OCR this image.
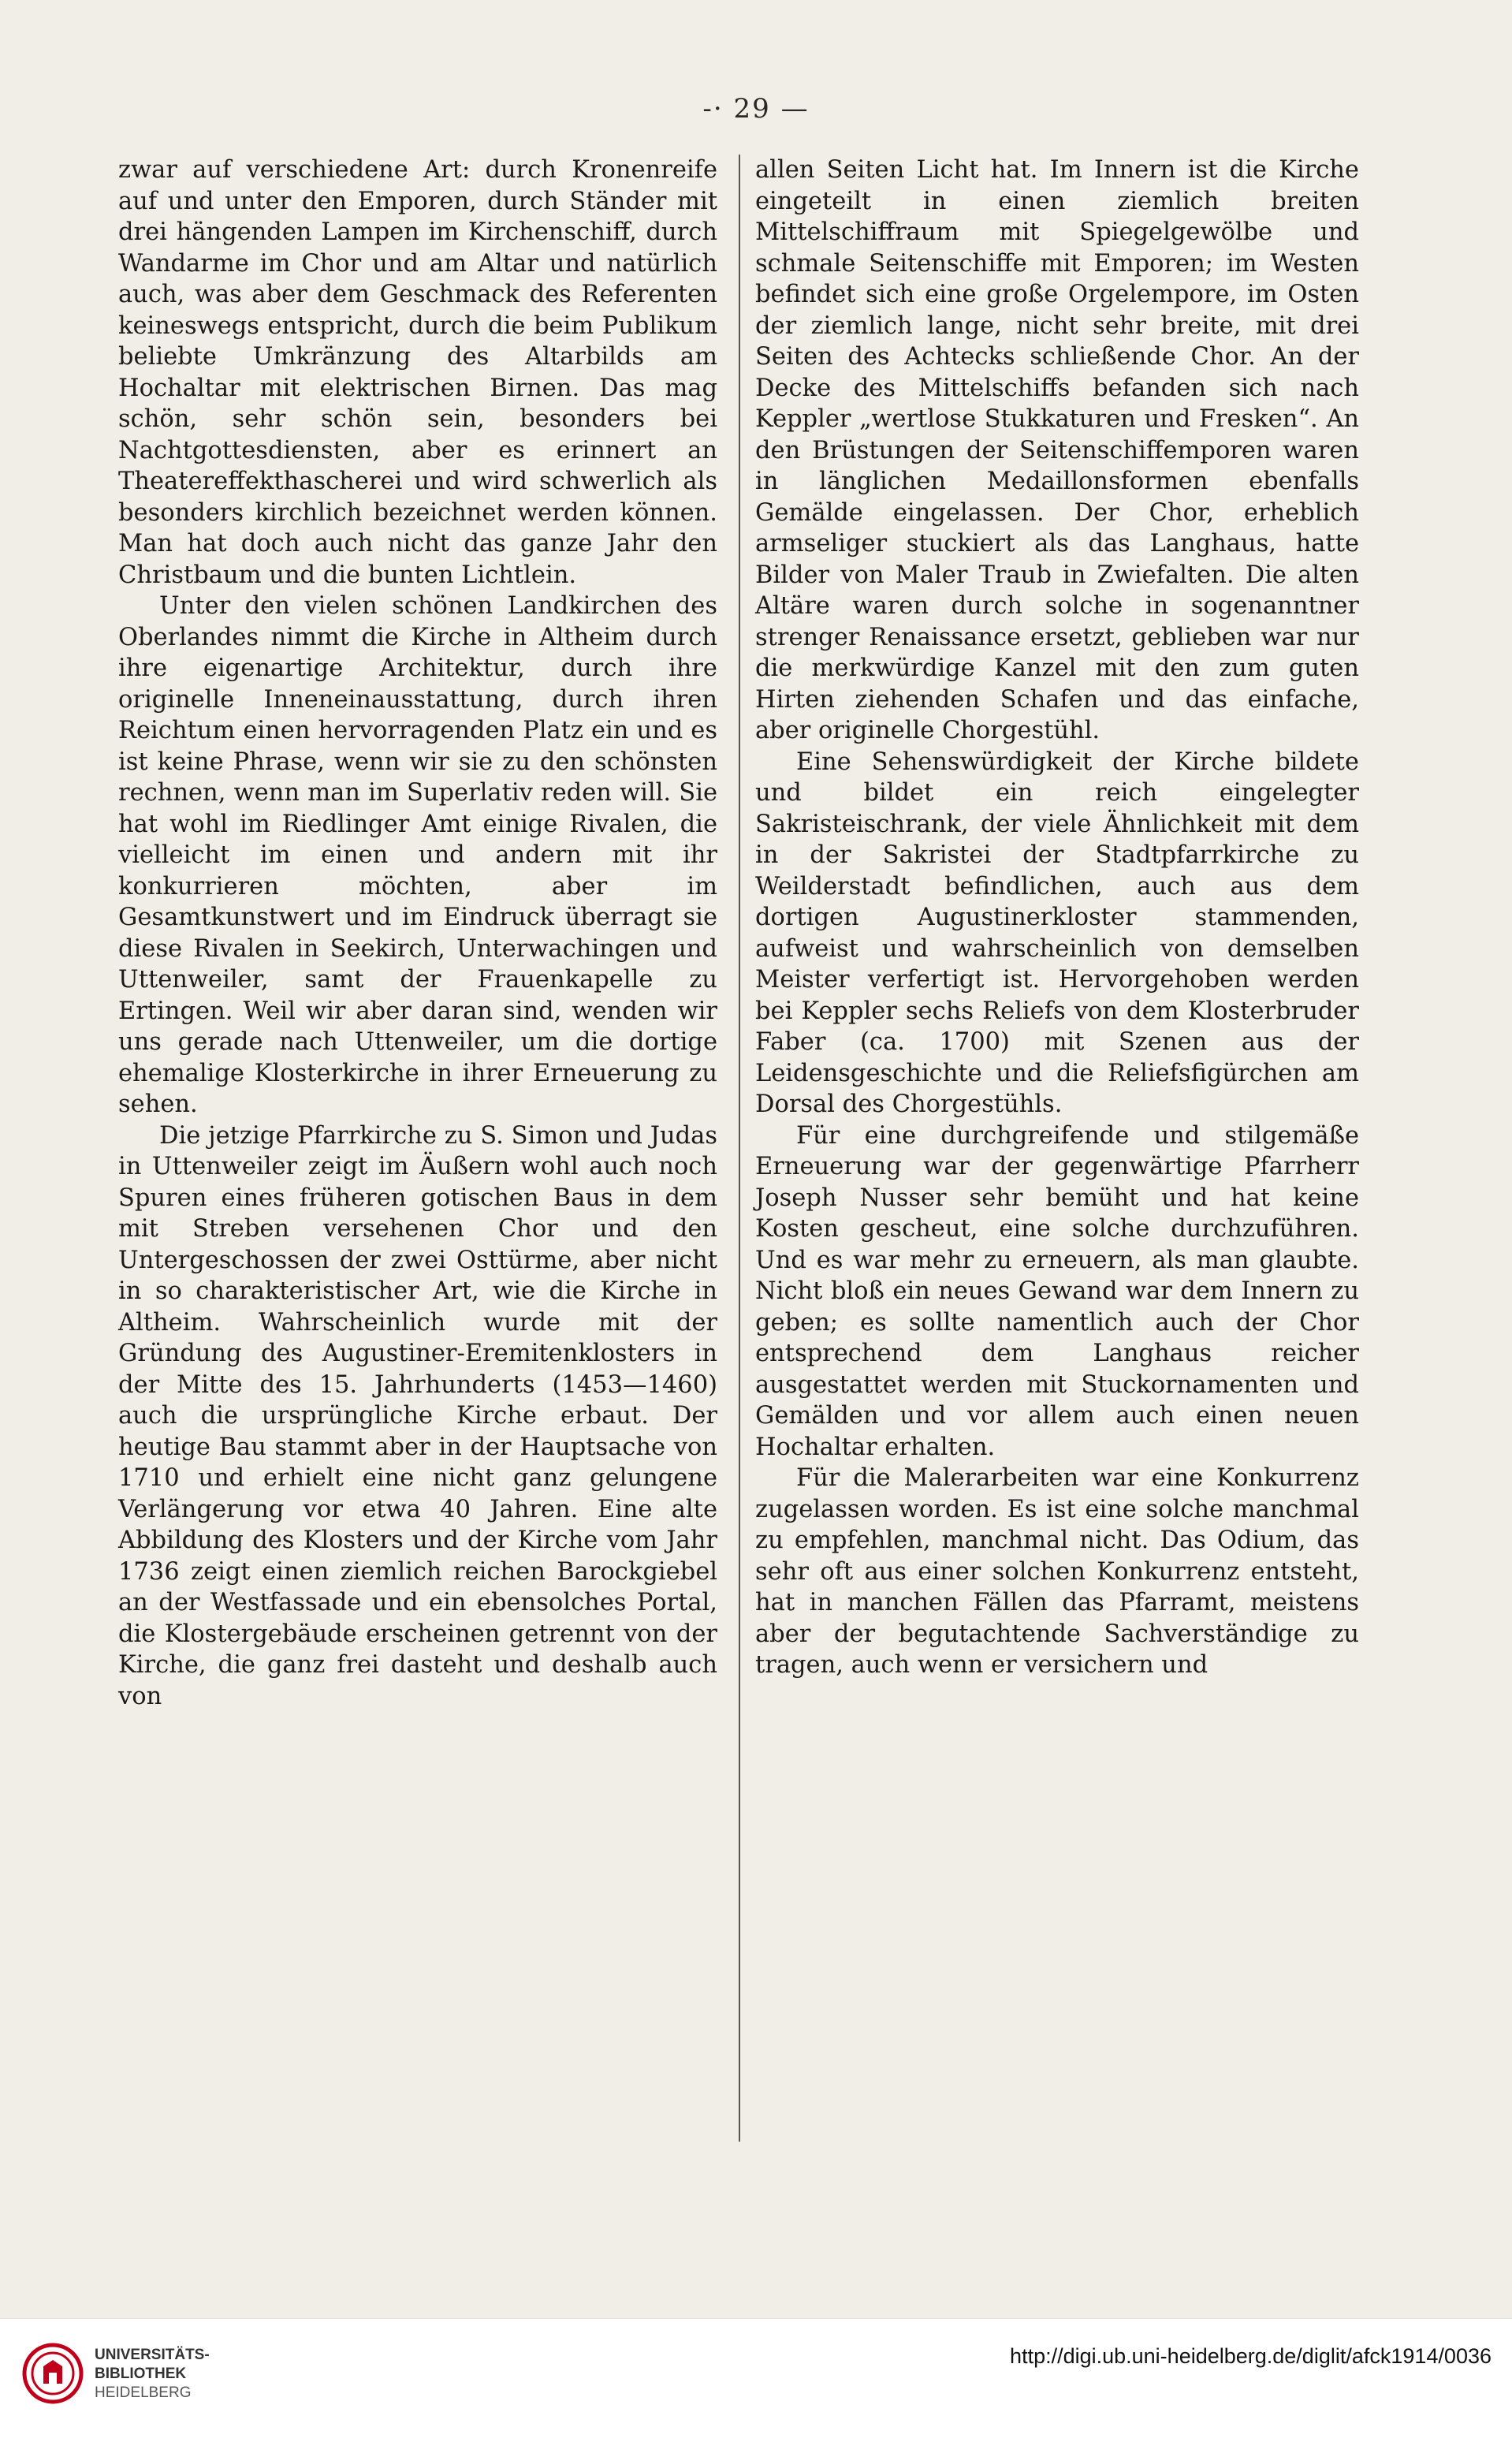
-· 29 —

zwar auf verschiedene Art: durch Kronenreife auf und unter den Emporen, durch Ständer mit drei hängenden Lampen im Kirchenschiff, durch Wandarme im Chor und am Altar und natürlich auch, was aber dem Geschmack des Referenten keineswegs entspricht, durch die beim Publikum beliebte Umkränzung des Altarbilds am Hochaltar mit elektrischen Birnen. Das mag schön, sehr schön sein, besonders bei Nachtgottesdiensten, aber es erinnert an Theatereffekthascherei und wird schwerlich als besonders kirchlich bezeichnet werden können. Man hat doch auch nicht das ganze Jahr den Christbaum und die bunten Lichtlein.

Unter den vielen schönen Landkirchen des Oberlandes nimmt die Kirche in Altheim durch ihre eigenartige Architektur, durch ihre originelle Inneneinausstattung, durch ihren Reichtum einen hervorragenden Platz ein und es ist keine Phrase, wenn wir sie zu den schönsten rechnen, wenn man im Superlativ reden will. Sie hat wohl im Riedlinger Amt einige Rivalen, die vielleicht im einen und andern mit ihr konkurrieren möchten, aber im Gesamtkunstwert und im Eindruck überragt sie diese Rivalen in Seekirch, Unterwachingen und Uttenweiler, samt der Frauenkapelle zu Ertingen. Weil wir aber daran sind, wenden wir uns gerade nach Uttenweiler, um die dortige ehemalige Klosterkirche in ihrer Erneuerung zu sehen.

Die jetzige Pfarrkirche zu S. Simon und Judas in Uttenweiler zeigt im Äußern wohl auch noch Spuren eines früheren gotischen Baus in dem mit Streben versehenen Chor und den Untergeschossen der zwei Osttürme, aber nicht in so charakteristischer Art, wie die Kirche in Altheim. Wahrscheinlich wurde mit der Gründung des Augustiner-Eremitenklosters in der Mitte des 15. Jahrhunderts (1453—1460) auch die ursprüngliche Kirche erbaut. Der heutige Bau stammt aber in der Hauptsache von 1710 und erhielt eine nicht ganz gelungene Verlängerung vor etwa 40 Jahren. Eine alte Abbildung des Klosters und der Kirche vom Jahr 1736 zeigt einen ziemlich reichen Barockgiebel an der Westfassade und ein ebensolches Portal, die Klostergebäude erscheinen getrennt von der Kirche, die ganz frei dasteht und deshalb auch von

allen Seiten Licht hat. Im Innern ist die Kirche eingeteilt in einen ziemlich breiten Mittelschiffraum mit Spiegelgewölbe und schmale Seitenschiffe mit Emporen; im Westen befindet sich eine große Orgelempore, im Osten der ziemlich lange, nicht sehr breite, mit drei Seiten des Achtecks schließende Chor. An der Decke des Mittelschiffs befanden sich nach Keppler „wertlose Stukkaturen und Fresken“. An den Brüstungen der Seitenschiffemporen waren in länglichen Medaillonsformen ebenfalls Gemälde eingelassen. Der Chor, erheblich armseliger stuckiert als das Langhaus, hatte Bilder von Maler Traub in Zwiefalten. Die alten Altäre waren durch solche in sogenanntner strenger Renaissance ersetzt, geblieben war nur die merkwürdige Kanzel mit den zum guten Hirten ziehenden Schafen und das einfache, aber originelle Chorgestühl.

Eine Sehenswürdigkeit der Kirche bildete und bildet ein reich eingelegter Sakristeischrank, der viele Ähnlichkeit mit dem in der Sakristei der Stadtpfarrkirche zu Weilderstadt befindlichen, auch aus dem dortigen Augustinerkloster stammenden, aufweist und wahrscheinlich von demselben Meister verfertigt ist. Hervorgehoben werden bei Keppler sechs Reliefs von dem Klosterbruder Faber (ca. 1700) mit Szenen aus der Leidensgeschichte und die Reliefsfigürchen am Dorsal des Chorgestühls.

Für eine durchgreifende und stilgemäße Erneuerung war der gegenwärtige Pfarrherr Joseph Nusser sehr bemüht und hat keine Kosten gescheut, eine solche durchzuführen. Und es war mehr zu erneuern, als man glaubte. Nicht bloß ein neues Gewand war dem Innern zu geben; es sollte namentlich auch der Chor entsprechend dem Langhaus reicher ausgestattet werden mit Stuckornamenten und Gemälden und vor allem auch einen neuen Hochaltar erhalten.

Für die Malerarbeiten war eine Konkurrenz zugelassen worden. Es ist eine solche manchmal zu empfehlen, manchmal nicht. Das Odium, das sehr oft aus einer solchen Konkurrenz entsteht, hat in manchen Fällen das Pfarramt, meistens aber der begutachtende Sachverständige zu tragen, auch wenn er versichern und

UNIVERSITÄTS-
BIBLIOTHEK
HEIDELBERG
http://digi.ub.uni-heidelberg.de/diglit/afck1914/0036
